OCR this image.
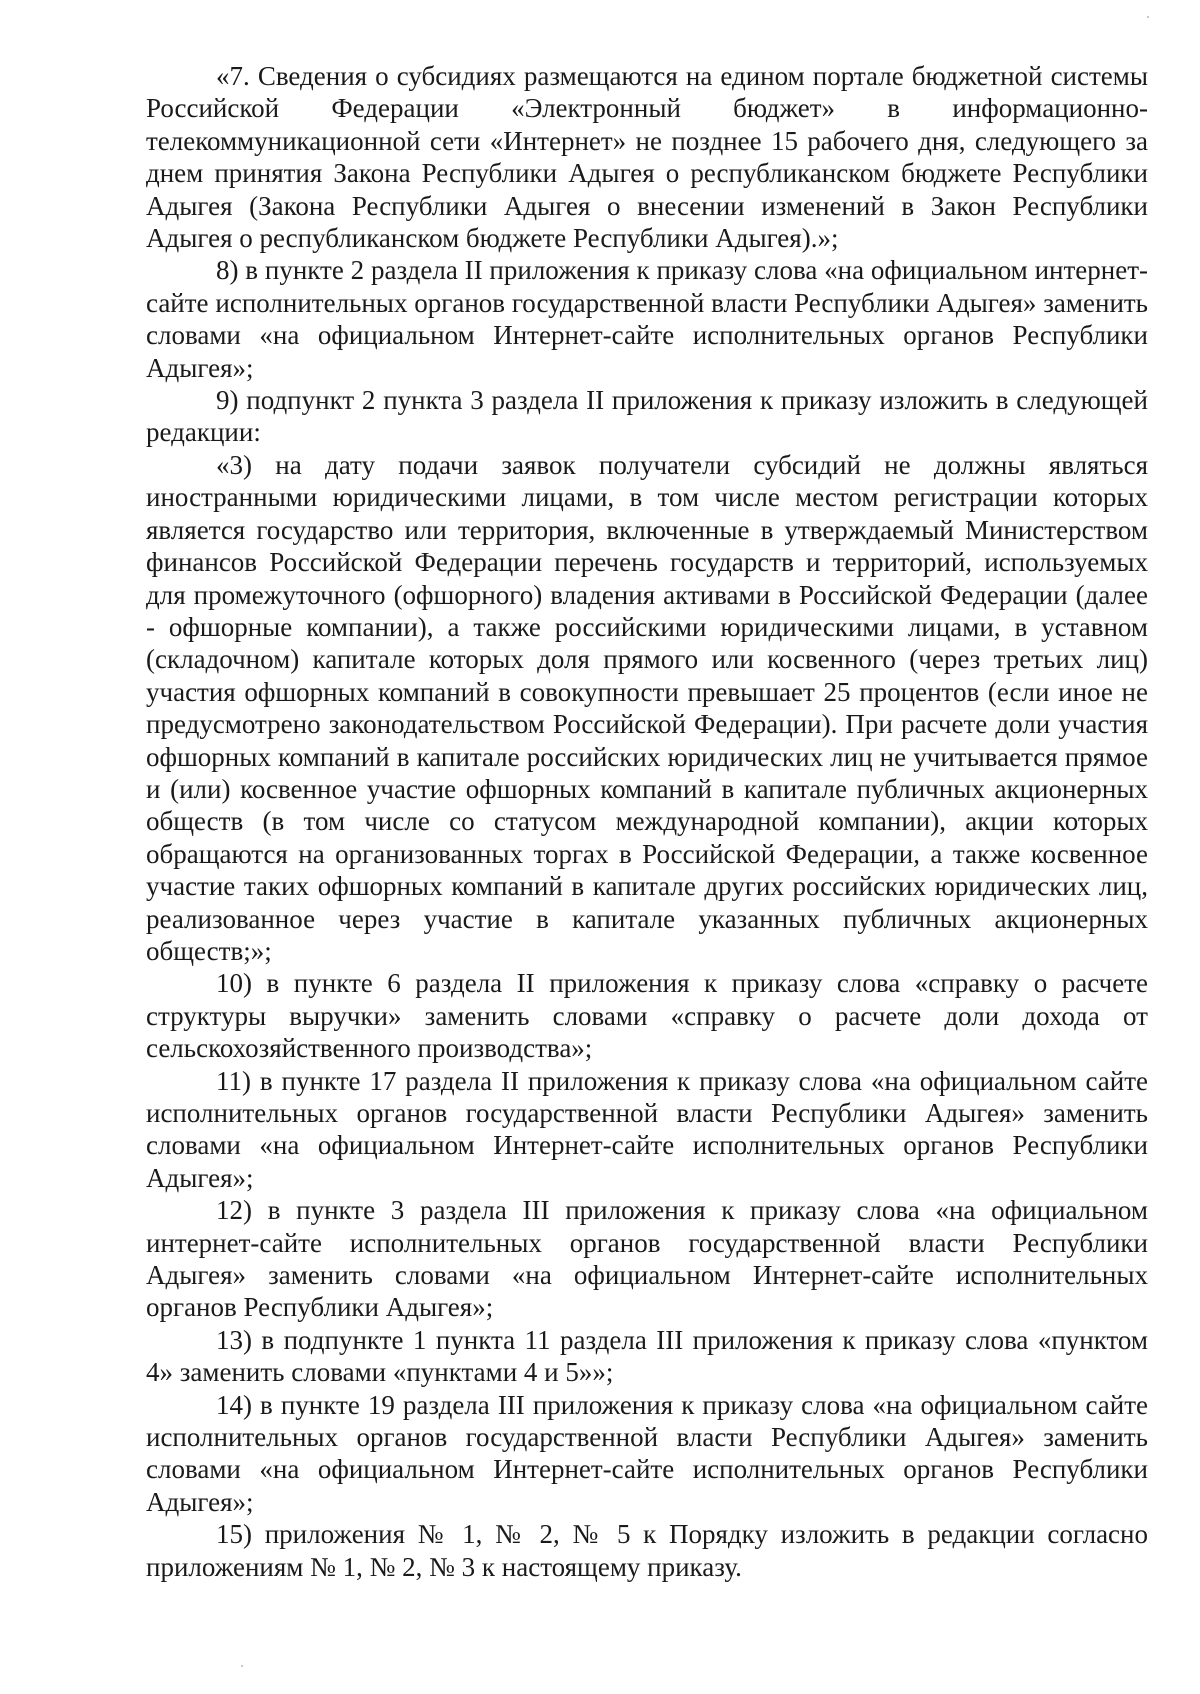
«7. Сведения о субсидиях размещаются на едином портале бюджетной системы Российской Федерации «Электронный бюджет» в информационно-телекоммуникационной сети «Интернет» не позднее 15 рабочего дня, следующего за днем принятия Закона Республики Адыгея о республиканском бюджете Республики Адыгея (Закона Республики Адыгея о внесении изменений в Закон Республики Адыгея о республиканском бюджете Республики Адыгея).»;

8) в пункте 2 раздела II приложения к приказу слова «на официальном интернет-сайте исполнительных органов государственной власти Республики Адыгея» заменить словами «на официальном Интернет-сайте исполнительных органов Республики Адыгея»;

9) подпункт 2 пункта 3 раздела II приложения к приказу изложить в следующей редакции:

«3) на дату подачи заявок получатели субсидий не должны являться иностранными юридическими лицами, в том числе местом регистрации которых является государство или территория, включенные в утверждаемый Министерством финансов Российской Федерации перечень государств и территорий, используемых для промежуточного (офшорного) владения активами в Российской Федерации (далее - офшорные компании), а также российскими юридическими лицами, в уставном (складочном) капитале которых доля прямого или косвенного (через третьих лиц) участия офшорных компаний в совокупности превышает 25 процентов (если иное не предусмотрено законодательством Российской Федерации). При расчете доли участия офшорных компаний в капитале российских юридических лиц не учитывается прямое и (или) косвенное участие офшорных компаний в капитале публичных акционерных обществ (в том числе со статусом международной компании), акции которых обращаются на организованных торгах в Российской Федерации, а также косвенное участие таких офшорных компаний в капитале других российских юридических лиц, реализованное через участие в капитале указанных публичных акционерных обществ;»;

10) в пункте 6 раздела II приложения к приказу слова «справку о расчете структуры выручки» заменить словами «справку о расчете доли дохода от сельскохозяйственного производства»;

11) в пункте 17 раздела II приложения к приказу слова «на официальном сайте исполнительных органов государственной власти Республики Адыгея» заменить словами «на официальном Интернет-сайте исполнительных органов Республики Адыгея»;

12) в пункте 3 раздела III приложения к приказу слова «на официальном интернет-сайте исполнительных органов государственной власти Республики Адыгея» заменить словами «на официальном Интернет-сайте исполнительных органов Республики Адыгея»;

13) в подпункте 1 пункта 11 раздела III приложения к приказу слова «пунктом 4» заменить словами «пунктами 4 и 5»»;

14) в пункте 19 раздела III приложения к приказу слова «на официальном сайте исполнительных органов государственной власти Республики Адыгея» заменить словами «на официальном Интернет-сайте исполнительных органов Республики Адыгея»;

15) приложения № 1, № 2, № 5 к Порядку изложить в редакции согласно приложениям № 1, № 2, № 3 к настоящему приказу.
